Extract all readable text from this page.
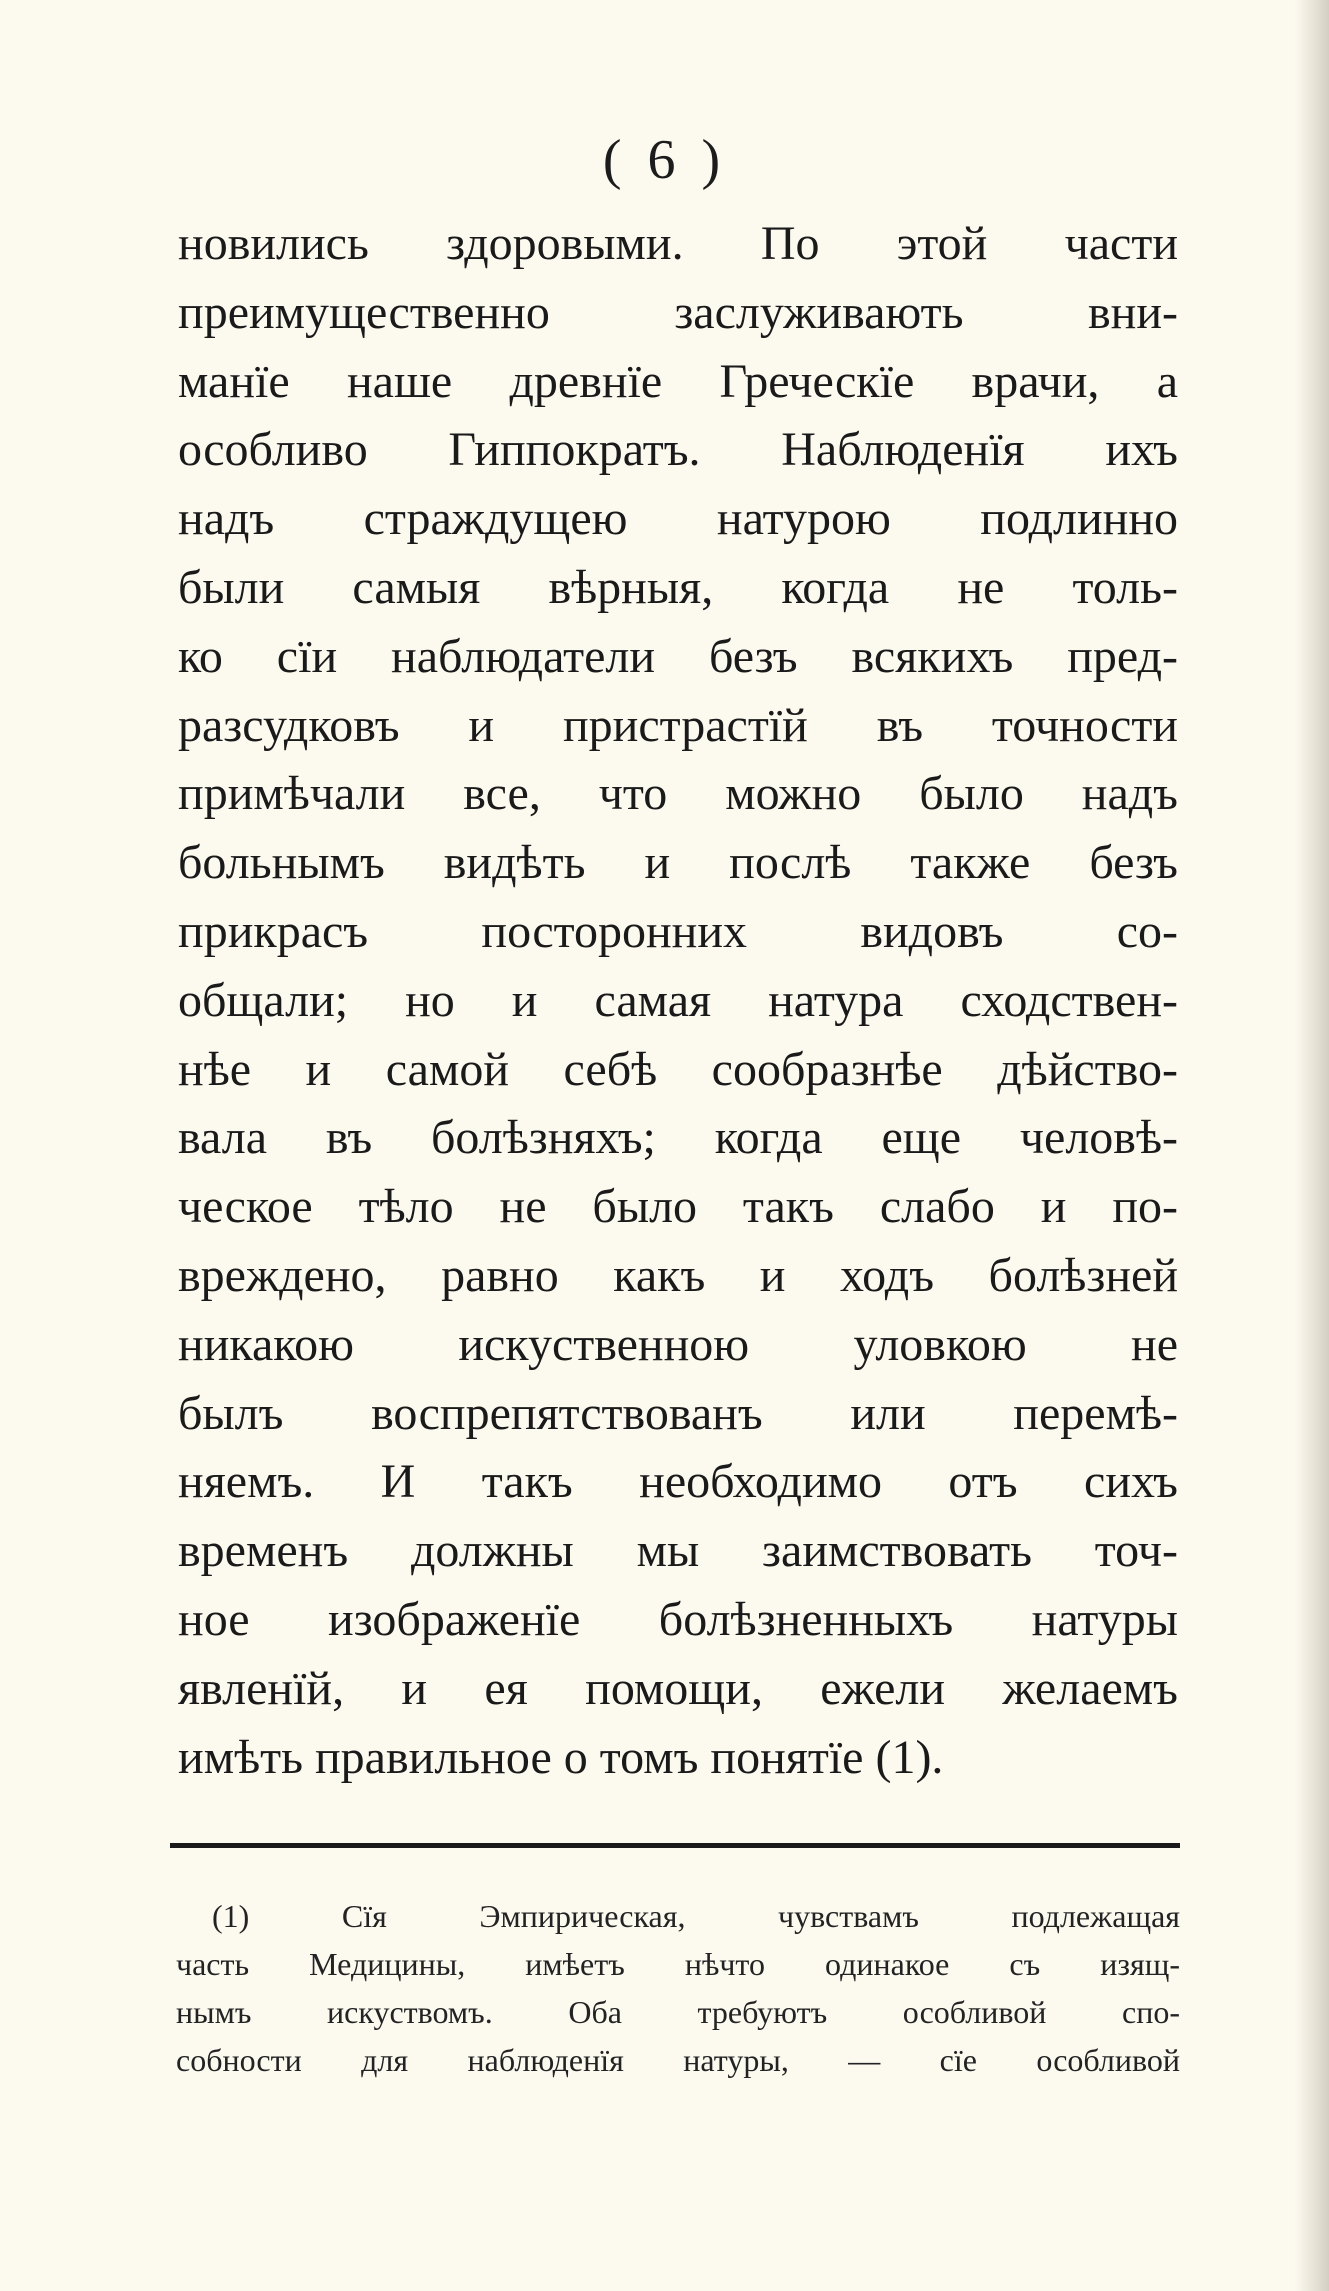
( 6 )
новились здоровыми. По этой части
преимущественно заслуживають вни-
манїе наше древнїе Греческїе врачи, а
особливо Гиппократъ. Наблюденїя ихъ
надъ страждущею натурою подлинно
были самыя вѣрныя, когда не толь-
ко сїи наблюдатели безъ всякихъ пред-
разсудковъ и пристрастїй въ точности
примѣчали все, что можно было надъ
больнымъ видѣть и послѣ также безъ
прикрасъ посторонних видовъ со-
общали; но и самая натура сходствен-
нѣе и самой себѣ сообразнѣе дѣйство-
вала въ болѣзняхъ; когда еще человѣ-
ческое тѣло не было такъ слабо и по-
вреждено, равно какъ и ходъ болѣзней
никакою искуственною уловкою не
былъ воспрепятствованъ или перемѣ-
няемъ. И такъ необходимо отъ сихъ
временъ должны мы заимствовать точ-
ное изображенїе болѣзненныхъ натуры
явленїй, и ея помощи, ежели желаемъ
имѣть правильное о томъ понятїе (1).
(1) Сїя Эмпирическая, чувствамъ подлежащая
часть Медицины, имѣетъ нѣчто одинакое съ изящ-
нымъ искуствомъ. Оба требуютъ особливой спо-
собности для наблюденїя натуры, — сїе особливой
